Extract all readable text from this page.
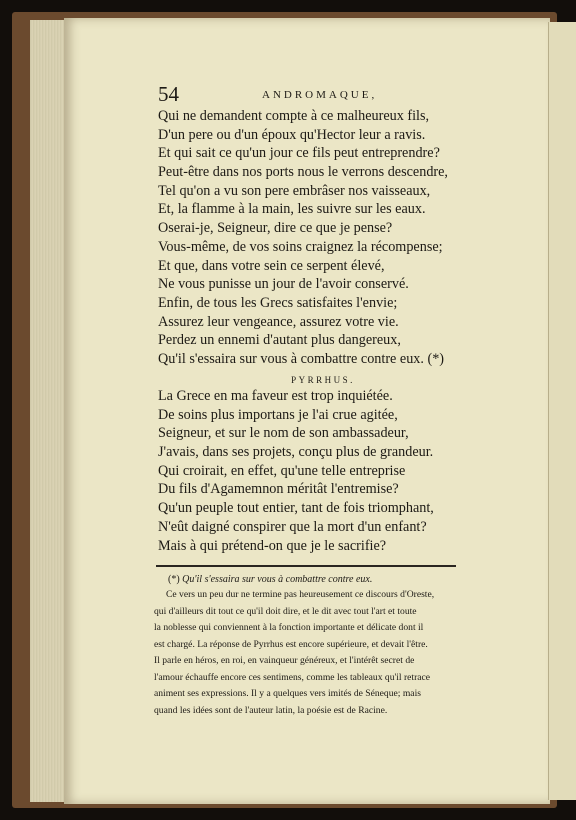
54	ANDROMAQUE,
Qui ne demandent compte à ce malheureux fils,
D'un pere ou d'un époux qu'Hector leur a ravis.
Et qui sait ce qu'un jour ce fils peut entreprendre?
Peut-être dans nos ports nous le verrons descendre,
Tel qu'on a vu son pere embrâser nos vaisseaux,
Et, la flamme à la main, les suivre sur les eaux.
Oserai-je, Seigneur, dire ce que je pense?
Vous-même, de vos soins craignez la récompense;
Et que, dans votre sein ce serpent élevé,
Ne vous punisse un jour de l'avoir conservé.
Enfin, de tous les Grecs satisfaites l'envie;
Assurez leur vengeance, assurez votre vie.
Perdez un ennemi d'autant plus dangereux,
Qu'il s'essaira sur vous à combattre contre eux. (*)
PYRRHUS.
La Grece en ma faveur est trop inquiétée.
De soins plus importans je l'ai crue agitée,
Seigneur, et sur le nom de son ambassadeur,
J'avais, dans ses projets, conçu plus de grandeur.
Qui croirait, en effet, qu'une telle entreprise
Du fils d'Agamemnon méritât l'entremise?
Qu'un peuple tout entier, tant de fois triomphant,
N'eût daigné conspirer que la mort d'un enfant?
Mais à qui prétend-on que je le sacrifie?
(*) Qu'il s'essaira sur vous à combattre contre eux.
Ce vers un peu dur ne termine pas heureusement ce discours d'Oreste,
qui d'ailleurs dit tout ce qu'il doit dire, et le dit avec tout l'art et toute
la noblesse qui conviennent à la fonction importante et délicate dont il
est chargé. La réponse de Pyrrhus est encore supérieure, et devait l'être.
Il parle en héros, en roi, en vainqueur généreux, et l'intérêt secret de
l'amour échauffe encore ces sentimens, comme les tableaux qu'il retrace
animent ses expressions. Il y a quelques vers imités de Séneque; mais
quand les idées sont de l'auteur latin, la poésie est de Racine.
